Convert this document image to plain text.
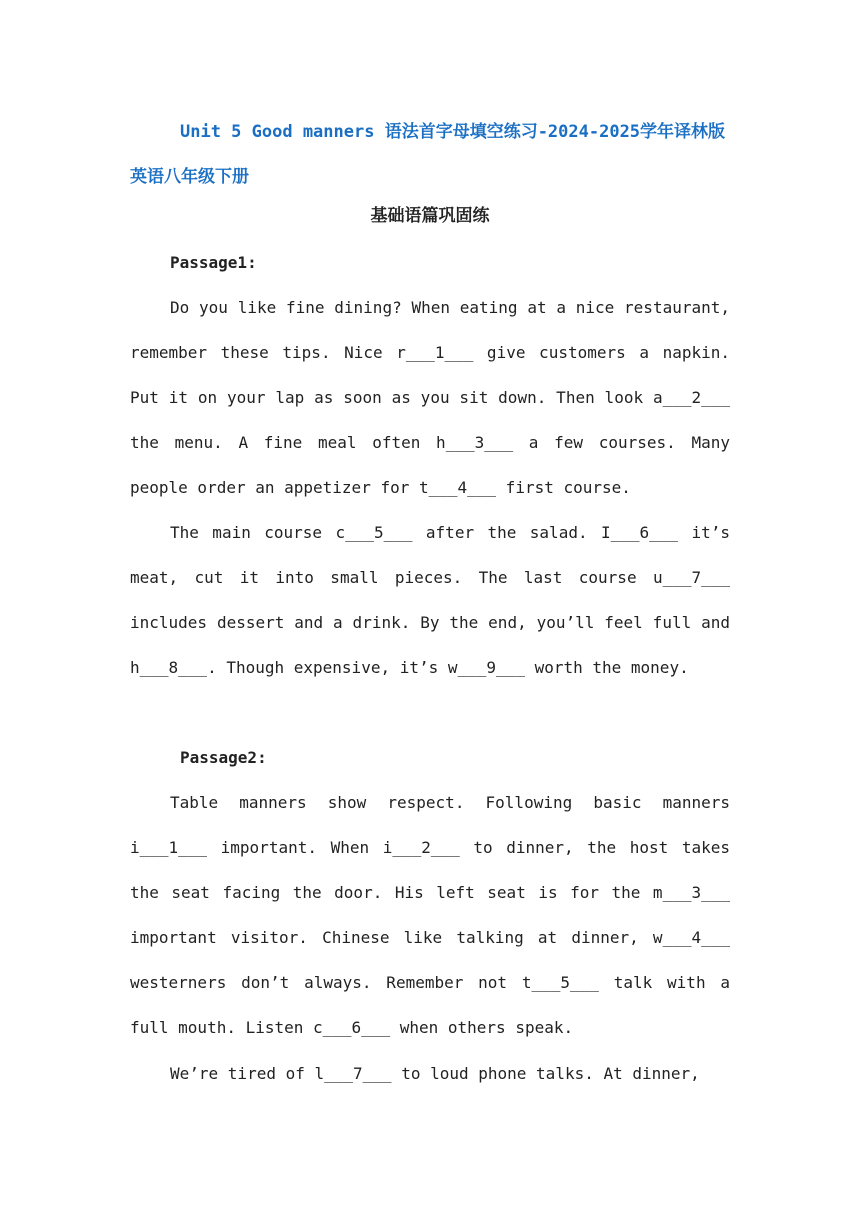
Unit 5 Good manners 语法首字母填空练习-2024-2025学年译林版英语八年级下册
基础语篇巩固练
Passage1:

Do you like fine dining? When eating at a nice restaurant, remember these tips. Nice r___1___ give customers a napkin. Put it on your lap as soon as you sit down. Then look a___2___ the menu. A fine meal often h___3___ a few courses. Many people order an appetizer for t___4___ first course.

The main course c___5___ after the salad. I___6___ it’s meat, cut it into small pieces. The last course u___7___ includes dessert and a drink. By the end, you’ll feel full and h___8___. Though expensive, it’s w___9___ worth the money.

Passage2:

Table manners show respect. Following basic manners i___1___ important. When i___2___ to dinner, the host takes the seat facing the door. His left seat is for the m___3___ important visitor. Chinese like talking at dinner, w___4___ westerners don’t always. Remember not t___5___ talk with a full mouth. Listen c___6___ when others speak.

We’re tired of l___7___ to loud phone talks. At dinner,
